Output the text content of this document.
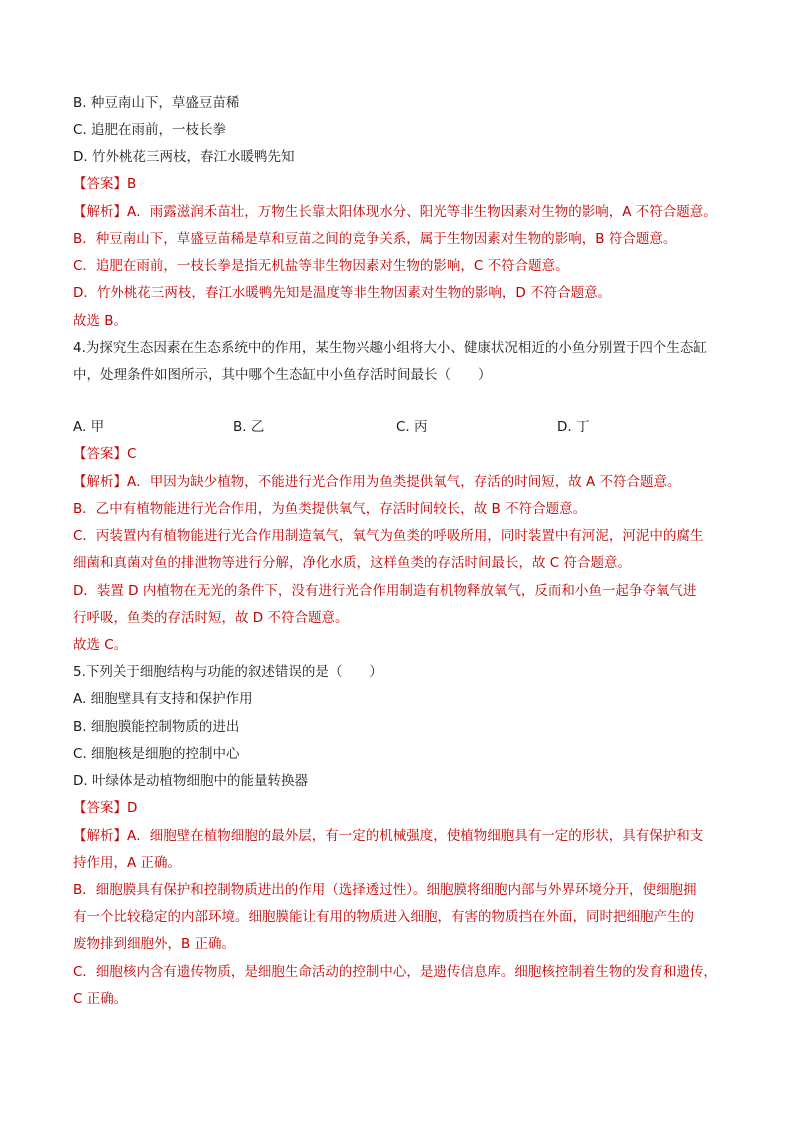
B. 种豆南山下，草盛豆苗稀
C. 追肥在雨前，一枝长拳
D. 竹外桃花三两枝，春江水暖鸭先知
【答案】B
【解析】A．雨露滋润禾苗壮，万物生长靠太阳体现水分、阳光等非生物因素对生物的影响，A 不符合题意。
B．种豆南山下，草盛豆苗稀是草和豆苗之间的竞争关系，属于生物因素对生物的影响，B 符合题意。
C．追肥在雨前，一枝长拳是指无机盐等非生物因素对生物的影响，C 不符合题意。
D．竹外桃花三两枝，春江水暖鸭先知是温度等非生物因素对生物的影响，D 不符合题意。
故选 B。
4.为探究生态因素在生态系统中的作用，某生物兴趣小组将大小、健康状况相近的小鱼分别置于四个生态缸
中，处理条件如图所示，其中哪个生态缸中小鱼存活时间最长（　　）
A. 甲	B. 乙	C. 丙	D. 丁
【答案】C
【解析】A．甲因为缺少植物，不能进行光合作用为鱼类提供氧气，存活的时间短，故 A 不符合题意。
B．乙中有植物能进行光合作用，为鱼类提供氧气，存活时间较长，故 B 不符合题意。
C．丙装置内有植物能进行光合作用制造氧气，氧气为鱼类的呼吸所用，同时装置中有河泥，河泥中的腐生
细菌和真菌对鱼的排泄物等进行分解，净化水质，这样鱼类的存活时间最长，故 C 符合题意。
D．装置 D 内植物在无光的条件下，没有进行光合作用制造有机物释放氧气，反而和小鱼一起争夺氧气进
行呼吸，鱼类的存活时短，故 D 不符合题意。
故选 C。
5.下列关于细胞结构与功能的叙述错误的是（　　）
A. 细胞壁具有支持和保护作用
B. 细胞膜能控制物质的进出
C. 细胞核是细胞的控制中心
D. 叶绿体是动植物细胞中的能量转换器
【答案】D
【解析】A．细胞壁在植物细胞的最外层，有一定的机械强度，使植物细胞具有一定的形状，具有保护和支
持作用，A 正确。
B．细胞膜具有保护和控制物质进出的作用（选择透过性）。细胞膜将细胞内部与外界环境分开，使细胞拥
有一个比较稳定的内部环境。细胞膜能让有用的物质进入细胞，有害的物质挡在外面，同时把细胞产生的
废物排到细胞外，B 正确。
C．细胞核内含有遗传物质，是细胞生命活动的控制中心，是遗传信息库。细胞核控制着生物的发育和遗传，
C 正确。
